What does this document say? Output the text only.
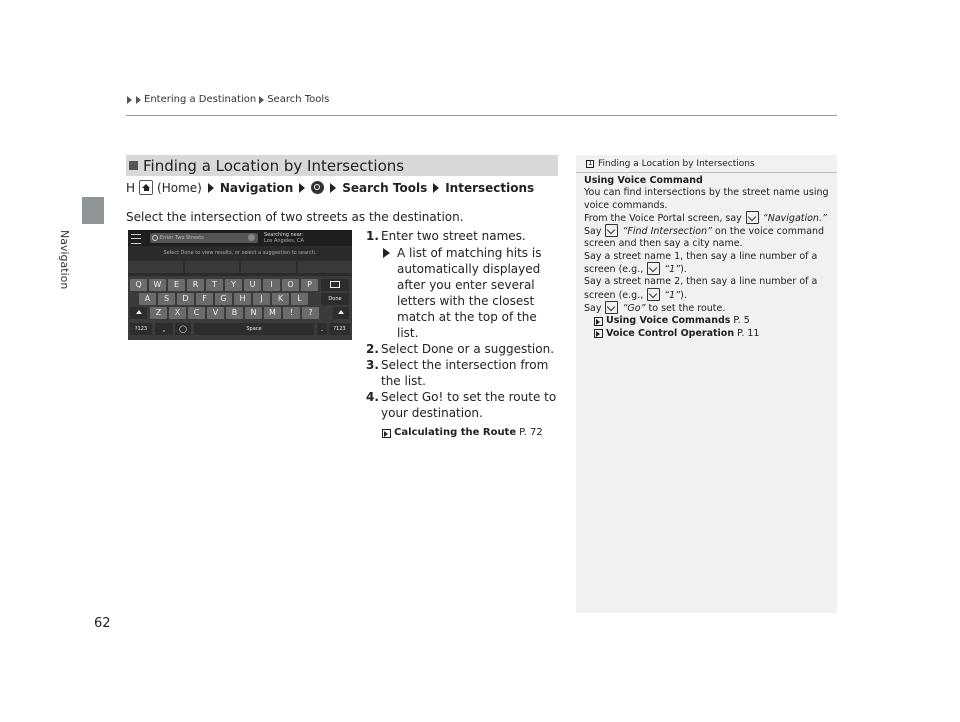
Entering a Destination Search Tools
Navigation
62
Finding a Location by Intersections
H (Home) Navigation	Search Tools Intersections
Select the intersection of two streets as the destination.
Enter Two Streets	Searching near:
Los Angeles, CA
Select Done to view results, or select a suggestion to search.
Q	W	E	R	T	Y	U	I	O	P
A	S	D	F	G	H	J	K	L	Done
Z	X	C	V	B	N	M	!	?
?123	,	◯	Space	.	?123
1. Enter two street names.
A list of matching hits is automatically displayed after you enter several letters with the closest match at the top of the list.
2. Select Done or a suggestion.
3. Select the intersection from the list.
4. Select Go! to set the route to your destination.
Calculating the Route P. 72
1
Finding a Location by Intersections
Using Voice Command
You can find intersections by the street name using voice commands.
From the Voice Portal screen, say “Navigation.”
Say “Find Intersection” on the voice command screen and then say a city name.
Say a street name 1, then say a line number of a screen (e.g., “1”).
Say a street name 2, then say a line number of a screen (e.g., “1”).
Say “Go” to set the route.
Using Voice Commands P. 5
Voice Control Operation P. 11
